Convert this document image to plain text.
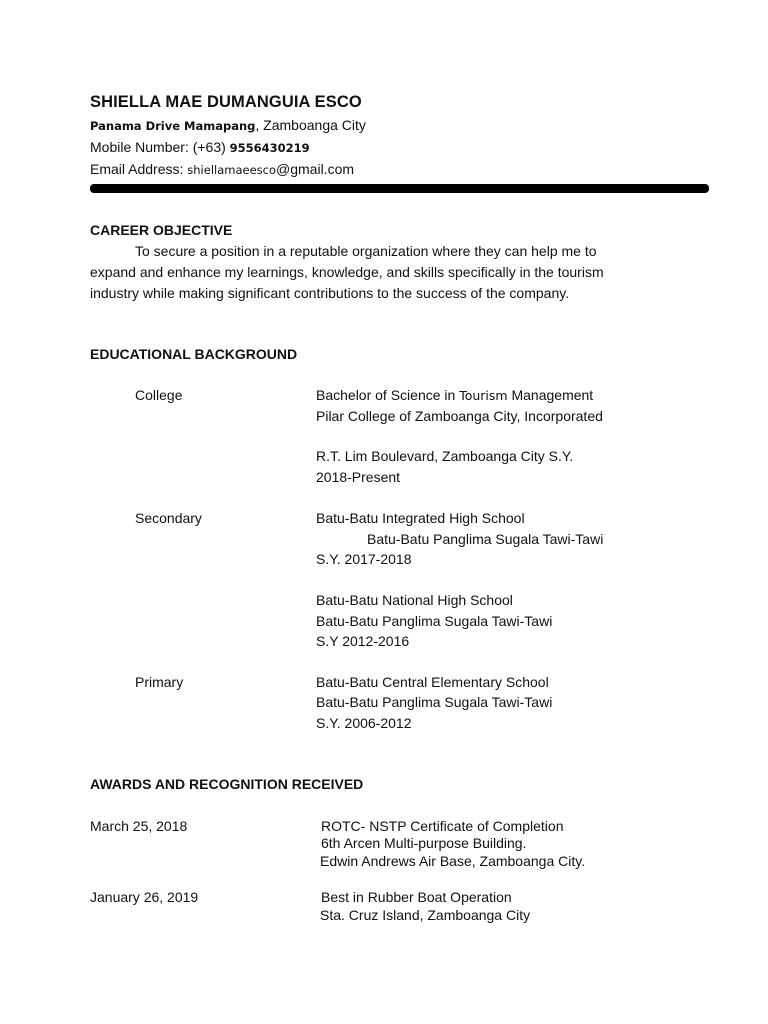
SHIELLA MAE DUMANGUIA ESCO
Panama Drive Mamapang, Zamboanga City
Mobile Number: (+63) 9556430219
Email Address: shiellamaeesco@gmail.com
CAREER OBJECTIVE

To secure a position in a reputable organization where they can help me to

expand and enhance my learnings, knowledge, and skills specifically in the tourism

industry while making significant contributions to the success of the company.

EDUCATIONAL BACKGROUND
College	Bachelor of Science in Tourism Management
Pilar College of Zamboanga City, Incorporated
R.T. Lim Boulevard, Zamboanga City S.Y.
2018-Present
Secondary	Batu-Batu Integrated High School
Batu-Batu Panglima Sugala Tawi-Tawi
S.Y. 2017-2018
Batu-Batu National High School
Batu-Batu Panglima Sugala Tawi-Tawi
S.Y 2012-2016
Primary	Batu-Batu Central Elementary School
Batu-Batu Panglima Sugala Tawi-Tawi
S.Y. 2006-2012
AWARDS AND RECOGNITION RECEIVED
March 25, 2018	ROTC- NSTP Certificate of Completion
6th Arcen Multi-purpose Building.
Edwin Andrews Air Base, Zamboanga City.
January 26, 2019	Best in Rubber Boat Operation
Sta. Cruz Island, Zamboanga City
